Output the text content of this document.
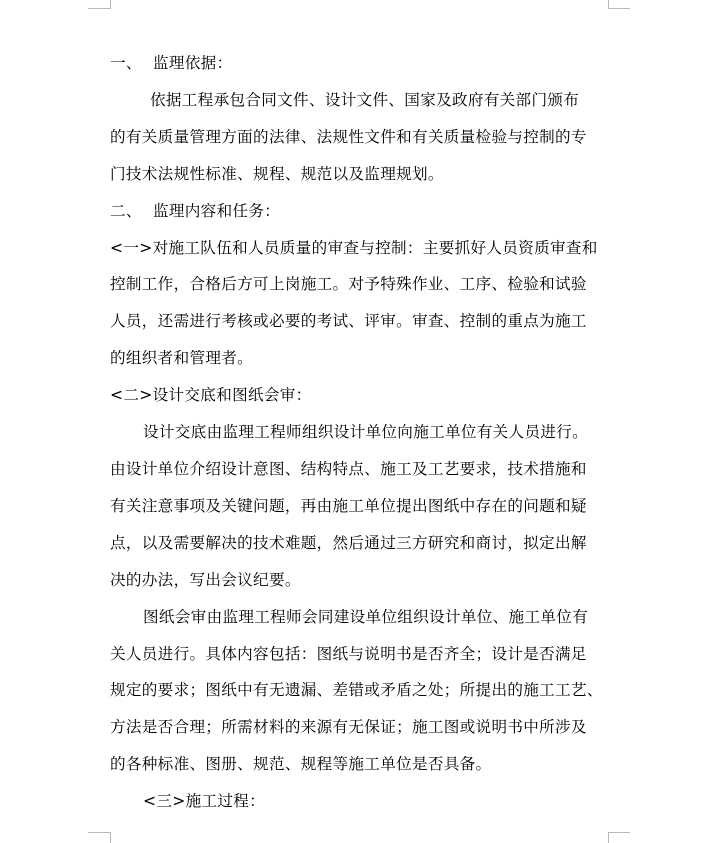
一、 监理依据：
依据工程承包合同文件、设计文件、国家及政府有关部门颁布
的有关质量管理方面的法律、法规性文件和有关质量检验与控制的专
门技术法规性标准、规程、规范以及监理规划。
二、 监理内容和任务：
<一>对施工队伍和人员质量的审查与控制：主要抓好人员资质审查和
控制工作，合格后方可上岗施工。对予特殊作业、工序、检验和试验
人员，还需进行考核或必要的考试、评审。审查、控制的重点为施工
的组织者和管理者。
<二>设计交底和图纸会审：
设计交底由监理工程师组织设计单位向施工单位有关人员进行。
由设计单位介绍设计意图、结构特点、施工及工艺要求，技术措施和
有关注意事项及关键问题，再由施工单位提出图纸中存在的问题和疑
点，以及需要解决的技术难题，然后通过三方研究和商讨，拟定出解
决的办法，写出会议纪要。
图纸会审由监理工程师会同建设单位组织设计单位、施工单位有
关人员进行。具体内容包括：图纸与说明书是否齐全；设计是否满足
规定的要求；图纸中有无遗漏、差错或矛盾之处；所提出的施工工艺、
方法是否合理；所需材料的来源有无保证；施工图或说明书中所涉及
的各种标准、图册、规范、规程等施工单位是否具备。
<三>施工过程：
